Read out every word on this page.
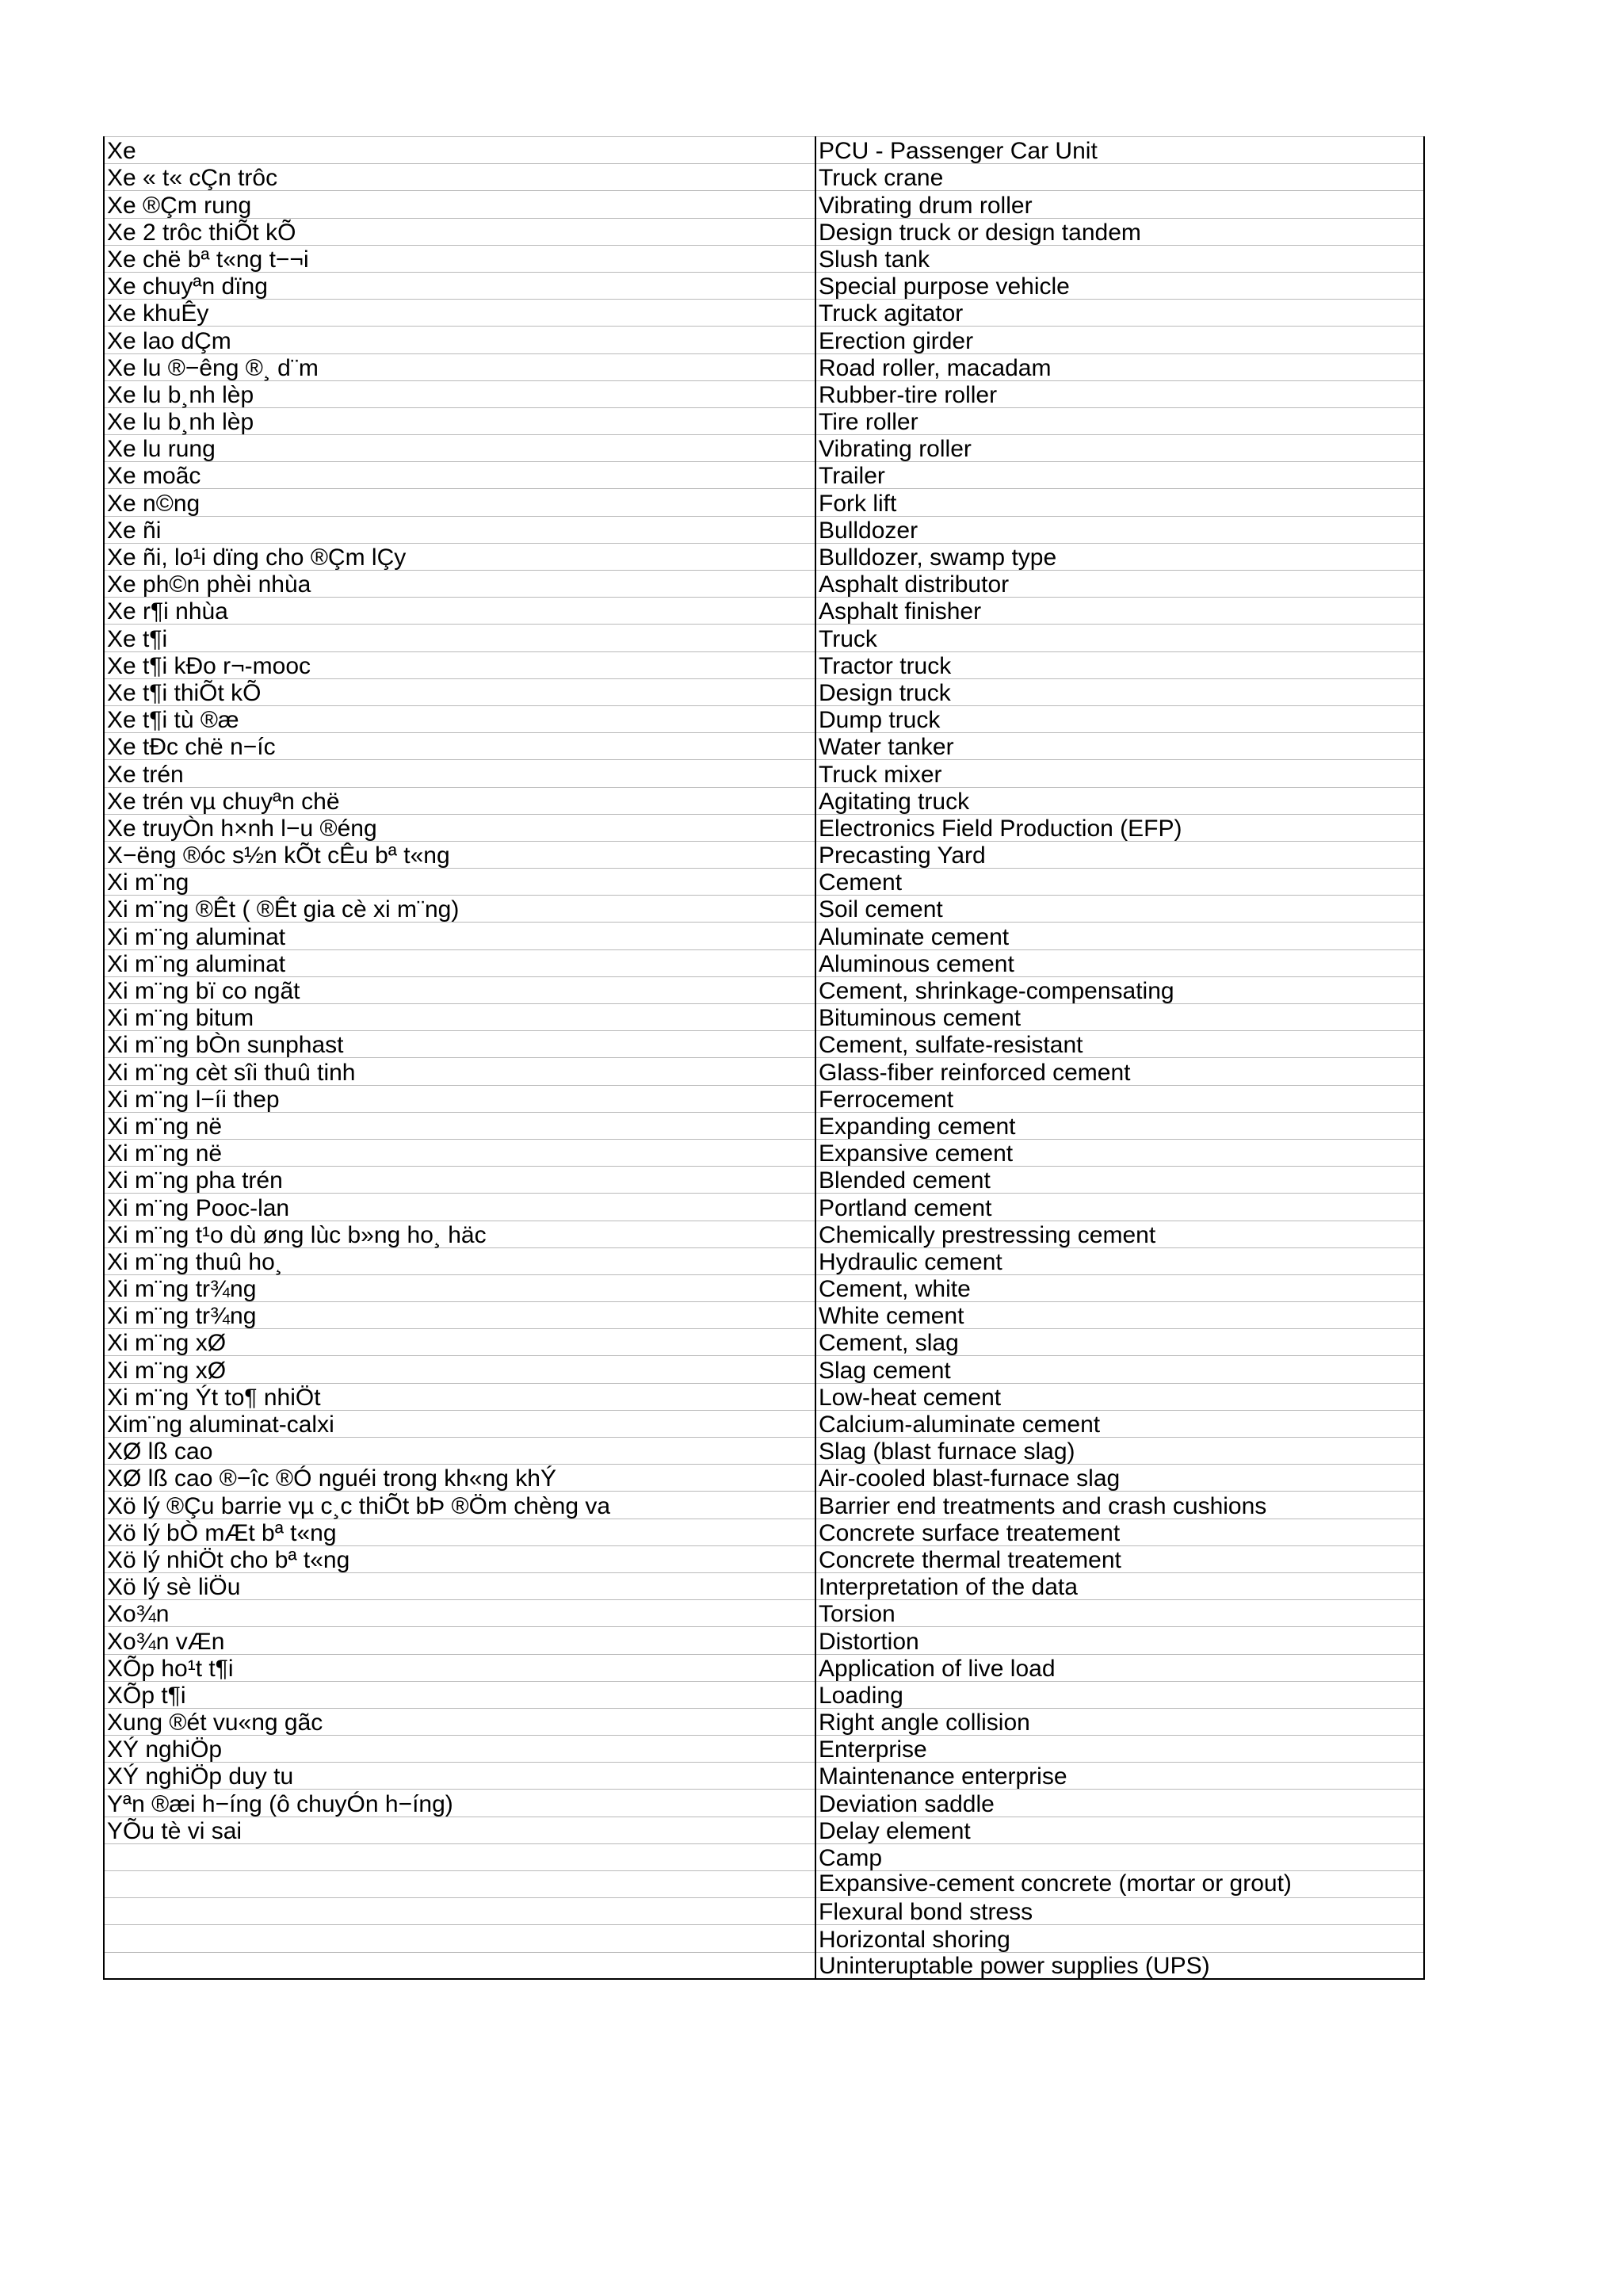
Xe	PCU - Passenger Car Unit
Xe « t« cÇn trôc	Truck crane
Xe ®Çm rung	Vibrating drum roller
Xe 2 trôc thiÕt kÕ	Design truck or design tandem
Xe chë bª t«ng t−¬i	Slush tank
Xe chuyªn dïng	Special purpose vehicle
Xe khuÊy	Truck agitator
Xe lao dÇm	Erection girder
Xe lu ®−êng ®¸ d¨m	Road roller, macadam
Xe lu b¸nh lèp	Rubber-tire roller
Xe lu b¸nh lèp	Tire roller
Xe lu rung	Vibrating roller
Xe moãc	Trailer
Xe n©ng	Fork lift
Xe ñi	Bulldozer
Xe ñi, lo¹i dïng cho ®Çm lÇy	Bulldozer, swamp type
Xe ph©n phèi nhùa	Asphalt distributor
Xe r¶i nhùa	Asphalt finisher
Xe t¶i	Truck
Xe t¶i kÐo r¬-mooc	Tractor truck
Xe t¶i thiÕt kÕ	Design truck
Xe t¶i tù ®æ	Dump truck
Xe tÐc chë n−íc	Water tanker
Xe trén	Truck mixer
Xe trén vµ chuyªn chë	Agitating truck
Xe truyÒn h×nh l−u ®éng	Electronics Field Production (EFP)
X−ëng ®óc s½n kÕt cÊu bª t«ng	Precasting Yard
Xi m¨ng	Cement
Xi m¨ng ®Êt ( ®Êt gia cè xi m¨ng)	Soil cement
Xi m¨ng aluminat	Aluminate cement
Xi m¨ng aluminat	Aluminous cement
Xi m¨ng bï co ngãt	Cement, shrinkage-compensating
Xi m¨ng bitum	Bituminous cement
Xi m¨ng bÒn sunphast	Cement, sulfate-resistant
Xi m¨ng cèt sîi thuû tinh	Glass-fiber reinforced cement
Xi m¨ng l−íi thep	Ferrocement
Xi m¨ng në	Expanding cement
Xi m¨ng në	Expansive cement
Xi m¨ng pha trén	Blended cement
Xi m¨ng Pooc-lan	Portland cement
Xi m¨ng t¹o dù øng lùc b»ng ho¸ häc	Chemically prestressing cement
Xi m¨ng thuû ho¸	Hydraulic cement
Xi m¨ng tr¾ng	Cement, white
Xi m¨ng tr¾ng	White cement
Xi m¨ng xØ	Cement, slag
Xi m¨ng xØ	Slag cement
Xi m¨ng Ýt to¶ nhiÖt	Low-heat cement
Xim¨ng aluminat-calxi	Calcium-aluminate cement
XØ lß cao	Slag (blast furnace slag)
XØ lß cao ®−îc ®Ó nguéi trong kh«ng khÝ	Air-cooled blast-furnace slag
Xö lý ®Çu barrie vµ c¸c thiÕt bÞ ®Öm chèng va	Barrier end treatments and crash cushions
Xö lý bÒ mÆt bª t«ng	Concrete surface treatement
Xö lý nhiÖt cho bª t«ng	Concrete thermal treatement
Xö lý sè liÖu	Interpretation of the data
Xo¾n	Torsion
Xo¾n vÆn	Distortion
XÕp ho¹t t¶i	Application of live load
XÕp t¶i	Loading
Xung ®ét vu«ng gãc	Right angle collision
XÝ nghiÖp	Enterprise
XÝ nghiÖp duy tu	Maintenance enterprise
Yªn ®æi h−íng (ô chuyÓn h−íng)	Deviation saddle
YÕu tè vi sai	Delay element
	Camp

	Expansive-cement concrete (mortar or grout)

	Flexural bond stress
	Horizontal shoring
	Uninteruptable power supplies (UPS)
